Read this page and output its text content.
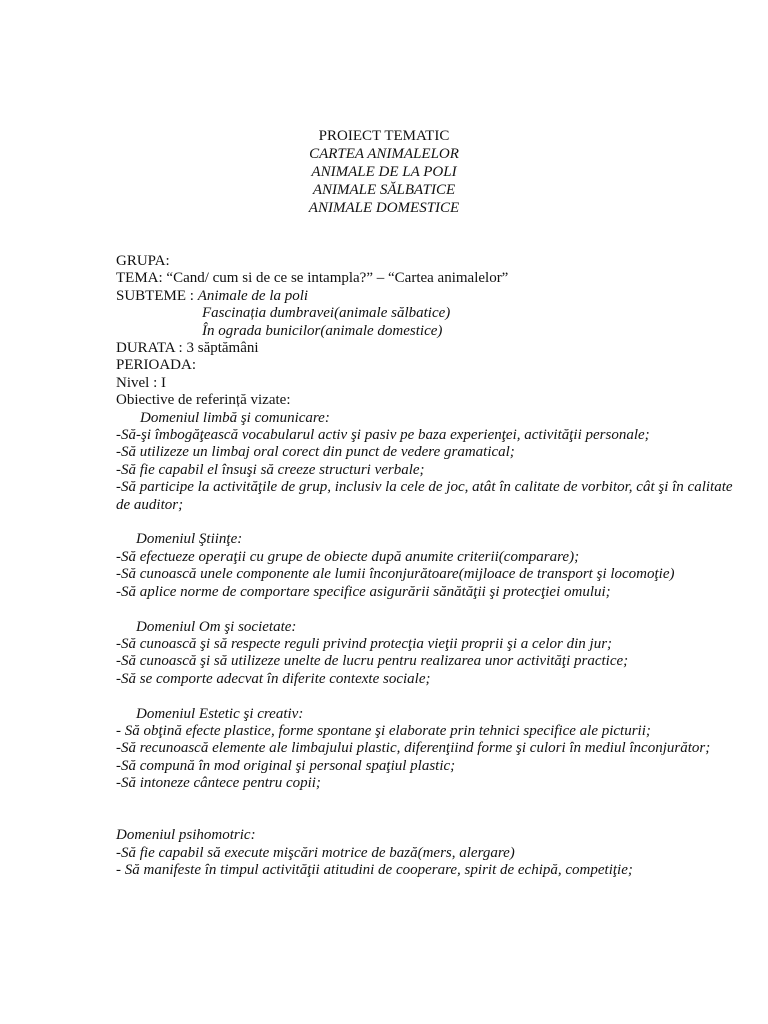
PROIECT TEMATIC
CARTEA ANIMALELOR
ANIMALE DE LA POLI
ANIMALE SĂLBATICE
ANIMALE DOMESTICE
GRUPA:
TEMA: “Cand/ cum si de ce se intampla?” – “Cartea animalelor”
SUBTEME : Animale de la poli
Fascinația dumbravei(animale sălbatice)
În ograda bunicilor(animale domestice)
DURATA : 3 săptămâni
PERIOADA:
Nivel : I
Obiective de referință vizate:
Domeniul limbă şi comunicare:
-Să-şi îmbogăţească vocabularul activ şi pasiv pe baza experienţei, activităţii personale;
-Să utilizeze un limbaj oral corect din punct de vedere gramatical;
-Să fie capabil el însuşi să creeze structuri verbale;
-Să participe la activităţile de grup, inclusiv la cele de joc, atât în calitate de vorbitor, cât şi în calitate de auditor;
Domeniul Ştiinţe:
-Să efectueze operaţii cu grupe de obiecte după anumite criterii(comparare);
-Să cunoască unele componente ale lumii înconjurătoare(mijloace de transport şi locomoţie)
-Să aplice norme de comportare specifice asigurării sănătăţii şi protecţiei omului;
Domeniul Om şi societate:
-Să cunoască şi să respecte reguli privind protecţia vieţii proprii şi a celor din jur;
-Să cunoască şi să utilizeze unelte de lucru pentru realizarea unor activităţi practice;
-Să se comporte adecvat în diferite contexte sociale;
Domeniul Estetic şi creativ:
- Să obţină efecte plastice, forme spontane şi elaborate prin tehnici specifice ale picturii;
-Să recunoască elemente ale limbajului plastic, diferenţiind forme şi culori în mediul înconjurător;
-Să compună în mod original şi personal spaţiul plastic;
-Să intoneze cântece pentru copii;
Domeniul psihomotric:
-Să fie capabil să execute mişcări motrice de bază(mers, alergare)
- Să manifeste în timpul activităţii atitudini de cooperare, spirit de echipă, competiţie;
